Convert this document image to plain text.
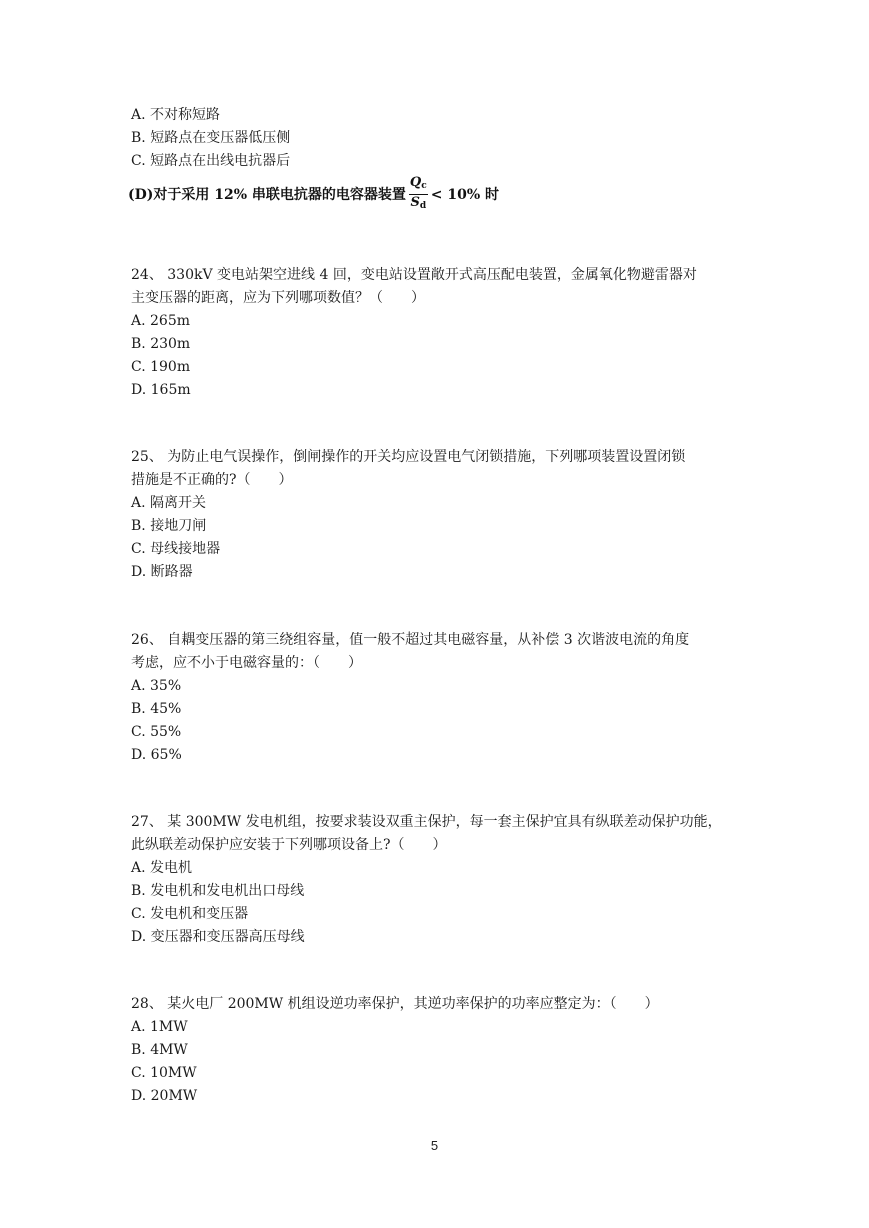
A. 不对称短路
B. 短路点在变压器低压侧
C. 短路点在出线电抗器后
(D)对于采用 12% 串联电抗器的电容器装置 $\frac{Q_c}{S_d} < 10\%$ 时
24、 330kV 变电站架空进线 4 回，变电站设置敞开式高压配电装置，金属氧化物避雷器对
主变压器的距离，应为下列哪项数值？（　　）
A. 265m
B. 230m
C. 190m
D. 165m
25、 为防止电气误操作，倒闸操作的开关均应设置电气闭锁措施，下列哪项装置设置闭锁
措施是不正确的?（　　）
A. 隔离开关
B. 接地刀闸
C. 母线接地器
D. 断路器
26、 自耦变压器的第三绕组容量，值一般不超过其电磁容量，从补偿 3 次谐波电流的角度
考虑，应不小于电磁容量的：（　　）
A. 35%
B. 45%
C. 55%
D. 65%
27、 某 300MW 发电机组，按要求装设双重主保护，每一套主保护宜具有纵联差动保护功能，
此纵联差动保护应安装于下列哪项设备上?（　　）
A. 发电机
B. 发电机和发电机出口母线
C. 发电机和变压器
D. 变压器和变压器高压母线
28、 某火电厂 200MW 机组设逆功率保护，其逆功率保护的功率应整定为：（　　）
A. 1MW
B. 4MW
C. 10MW
D. 20MW
5
